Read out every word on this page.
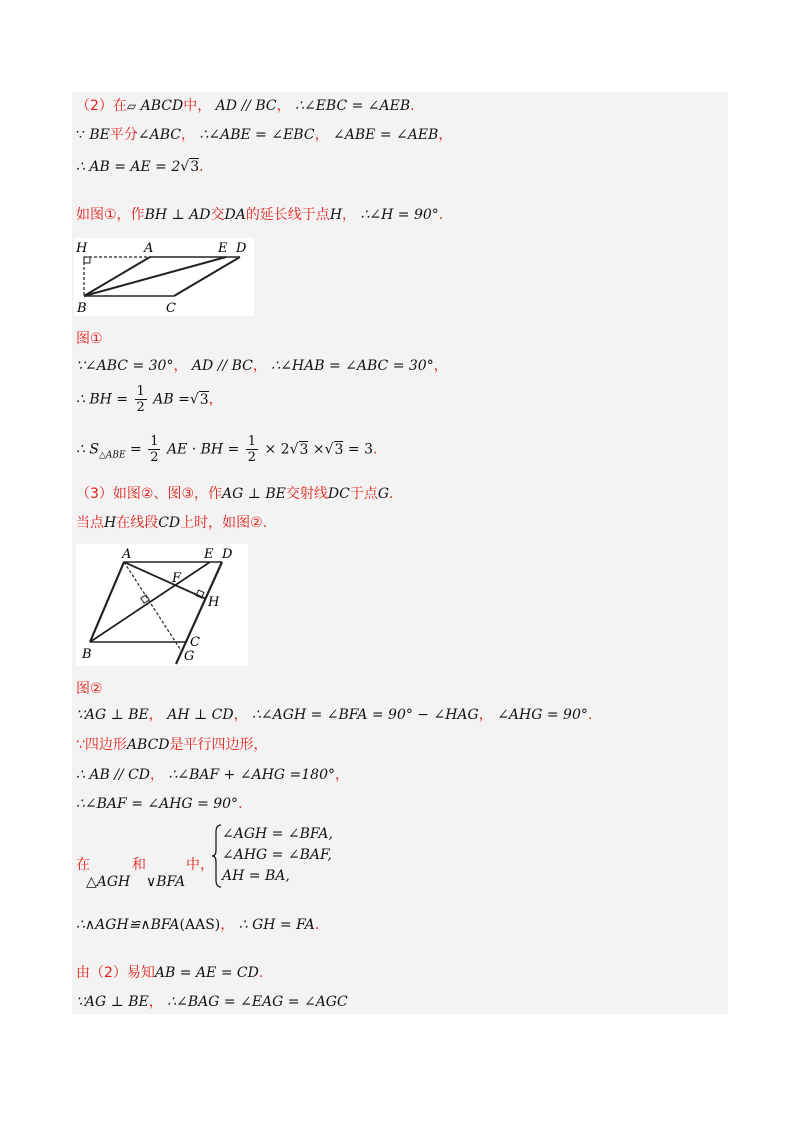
（2）在▱ ABCD中， AD // BC， ∴∠EBC = ∠AEB.
∵ BE平分∠ABC， ∴∠ABE = ∠EBC， ∠ABE = ∠AEB，
∴ AB = AE = 2√3.
如图①，作BH ⊥ AD交DA的延长线于点H， ∴∠H = 90°.
H	A	E D
B	C
图①
∵∠ABC = 30°， AD // BC， ∴∠HAB = ∠ABC = 30°，
∴ BH = $\frac{1}{2}$ AB =√3，
∴ $S_{\triangle ABE} = \frac{1}{2}$ AE · BH = $\frac{1}{2} \times 2√3 \times√3 = 3$.
（3）如图②、图③，作AG ⊥ BE交射线DC于点G.
当点H在线段CD上时，如图②.
A	E D
F
H
B
C
G
图②
∵AG ⊥ BE， AH ⊥ CD， ∴∠AGH = ∠BFA = 90° − ∠HAG， ∠AHG = 90°.
∵四边形ABCD是平行四边形，
∴ AB // CD， ∴∠BAF + ∠AHG =180°，
∴∠BAF = ∠AHG = 90°.
在	和	中，
△AGH ∨BFA
∠AGH = ∠BFA,
∠AHG = ∠BAF,
AH = BA,
∴∧AGH≌∧BFA(AAS)， ∴ GH = FA.
由（2）易知AB = AE = CD.
∵AG ⊥ BE， ∴∠BAG = ∠EAG = ∠AGC
